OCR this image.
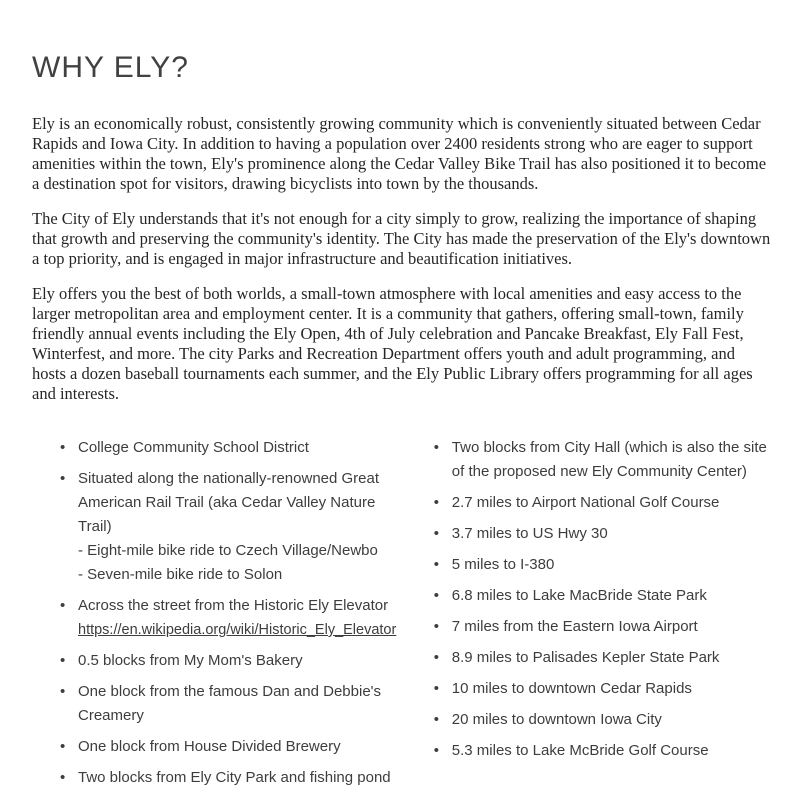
WHY ELY?

Ely is an economically robust, consistently growing community which is conveniently situated between Cedar Rapids and Iowa City. In addition to having a population over 2400 residents strong who are eager to support amenities within the town, Ely's prominence along the Cedar Valley Bike Trail has also positioned it to become a destination spot for visitors, drawing bicyclists into town by the thousands.

The City of Ely understands that it's not enough for a city simply to grow, realizing the importance of shaping that growth and preserving the community's identity. The City has made the preservation of the Ely's downtown a top priority, and is engaged in major infrastructure and beautification initiatives.

Ely offers you the best of both worlds, a small-town atmosphere with local amenities and easy access to the larger metropolitan area and employment center. It is a community that gathers, offering small-town, family friendly annual events including the Ely Open, 4th of July celebration and Pancake Breakfast, Ely Fall Fest, Winterfest, and more. The city Parks and Recreation Department offers youth and adult programming, and hosts a dozen baseball tournaments each summer, and the Ely Public Library offers programming for all ages and interests.

• College Community School District
• Situated along the nationally-renowned Great American Rail Trail (aka Cedar Valley Nature Trail)
- Eight-mile bike ride to Czech Village/Newbo
- Seven-mile bike ride to Solon
• Across the street from the Historic Ely Elevator
https://en.wikipedia.org/wiki/Historic_Ely_Elevator
• 0.5 blocks from My Mom's Bakery
• One block from the famous Dan and Debbie's Creamery
• One block from House Divided Brewery
• Two blocks from Ely City Park and fishing pond
• Two blocks from City Hall (which is also the site of the proposed new Ely Community Center)
• 2.7 miles to Airport National Golf Course
• 3.7 miles to US Hwy 30
• 5 miles to I-380
• 6.8 miles to Lake MacBride State Park
• 7 miles from the Eastern Iowa Airport
• 8.9 miles to Palisades Kepler State Park
• 10 miles to downtown Cedar Rapids
• 20 miles to downtown Iowa City
• 5.3 miles to Lake McBride Golf Course
